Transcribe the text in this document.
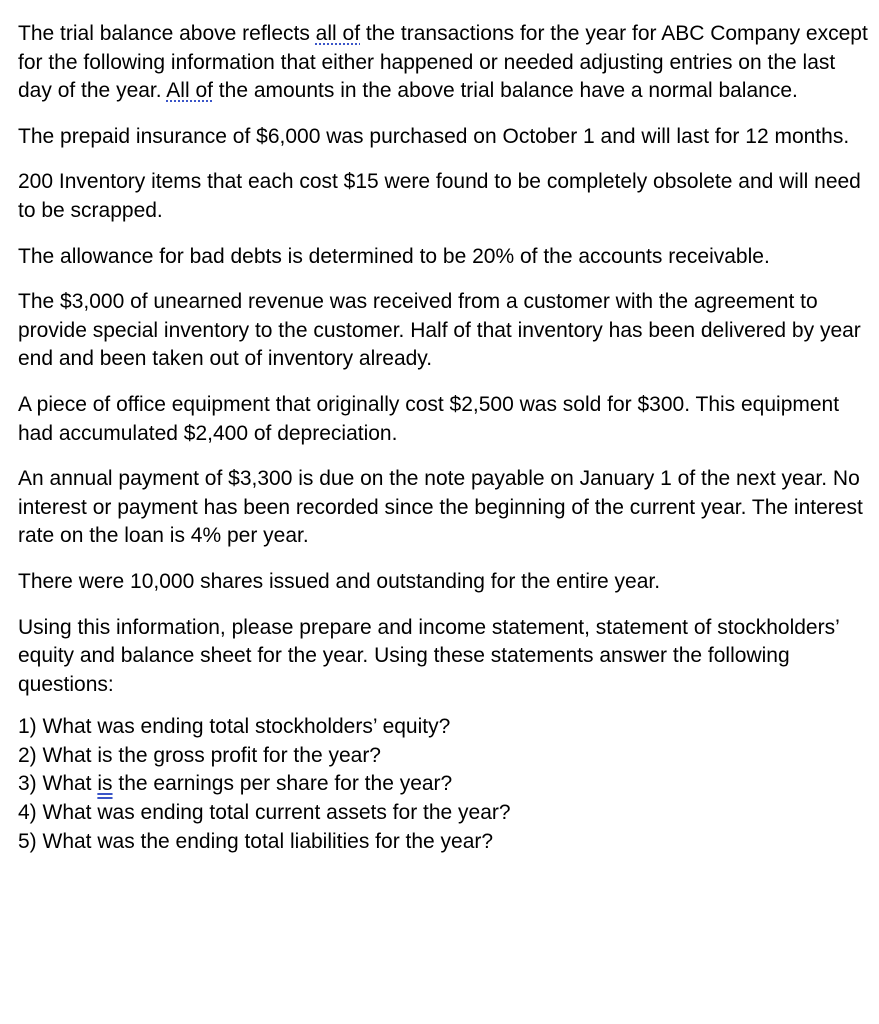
The trial balance above reflects all of the transactions for the year for ABC Company except for the following information that either happened or needed adjusting entries on the last day of the year. All of the amounts in the above trial balance have a normal balance.

The prepaid insurance of $6,000 was purchased on October 1 and will last for 12 months.

200 Inventory items that each cost $15 were found to be completely obsolete and will need to be scrapped.

The allowance for bad debts is determined to be 20% of the accounts receivable.

The $3,000 of unearned revenue was received from a customer with the agreement to provide special inventory to the customer. Half of that inventory has been delivered by year end and been taken out of inventory already.

A piece of office equipment that originally cost $2,500 was sold for $300. This equipment had accumulated $2,400 of depreciation.

An annual payment of $3,300 is due on the note payable on January 1 of the next year. No interest or payment has been recorded since the beginning of the current year. The interest rate on the loan is 4% per year.

There were 10,000 shares issued and outstanding for the entire year.

Using this information, please prepare and income statement, statement of stockholders’ equity and balance sheet for the year. Using these statements answer the following questions:

1) What was ending total stockholders’ equity?
2) What is the gross profit for the year?
3) What is the earnings per share for the year?
4) What was ending total current assets for the year?
5) What was the ending total liabilities for the year?
